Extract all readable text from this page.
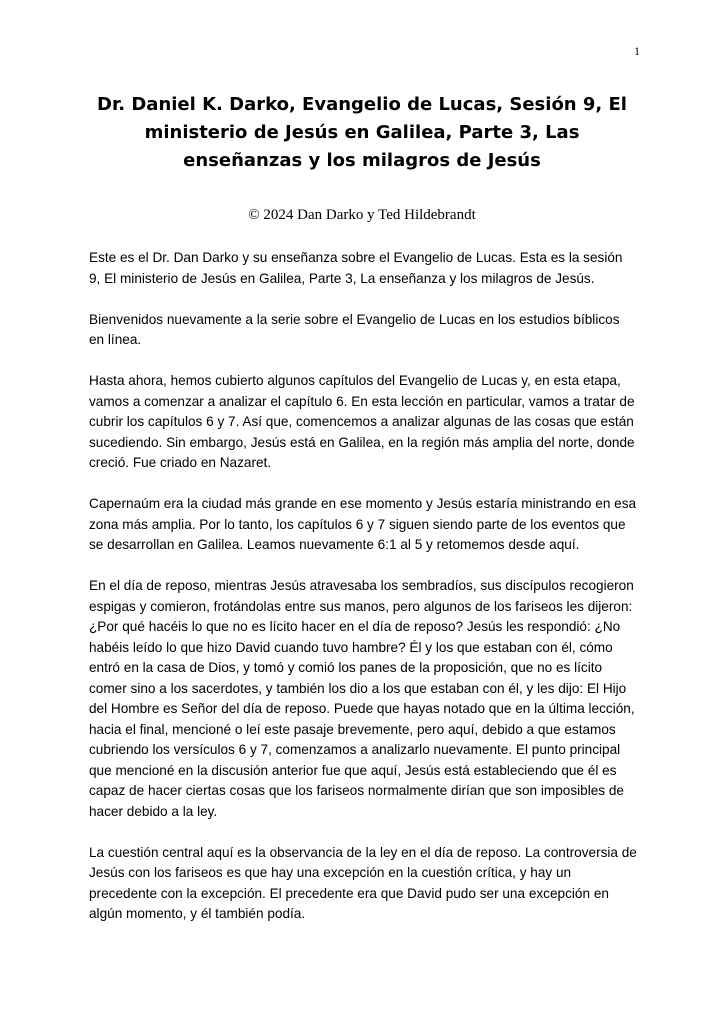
1
Dr. Daniel K. Darko, Evangelio de Lucas, Sesión 9, El ministerio de Jesús en Galilea, Parte 3, Las enseñanzas y los milagros de Jesús
© 2024 Dan Darko y Ted Hildebrandt

Este es el Dr. Dan Darko y su enseñanza sobre el Evangelio de Lucas. Esta es la sesión 9, El ministerio de Jesús en Galilea, Parte 3, La enseñanza y los milagros de Jesús.

Bienvenidos nuevamente a la serie sobre el Evangelio de Lucas en los estudios bíblicos en línea.

Hasta ahora, hemos cubierto algunos capítulos del Evangelio de Lucas y, en esta etapa, vamos a comenzar a analizar el capítulo 6. En esta lección en particular, vamos a tratar de cubrir los capítulos 6 y 7. Así que, comencemos a analizar algunas de las cosas que están sucediendo. Sin embargo, Jesús está en Galilea, en la región más amplia del norte, donde creció. Fue criado en Nazaret.

Capernaúm era la ciudad más grande en ese momento y Jesús estaría ministrando en esa zona más amplia. Por lo tanto, los capítulos 6 y 7 siguen siendo parte de los eventos que se desarrollan en Galilea. Leamos nuevamente 6:1 al 5 y retomemos desde aquí.

En el día de reposo, mientras Jesús atravesaba los sembradíos, sus discípulos recogieron espigas y comieron, frotándolas entre sus manos, pero algunos de los fariseos les dijeron: ¿Por qué hacéis lo que no es lícito hacer en el día de reposo? Jesús les respondió: ¿No habéis leído lo que hizo David cuando tuvo hambre? Él y los que estaban con él, cómo entró en la casa de Dios, y tomó y comió los panes de la proposición, que no es lícito comer sino a los sacerdotes, y también los dio a los que estaban con él, y les dijo: El Hijo del Hombre es Señor del día de reposo. Puede que hayas notado que en la última lección, hacia el final, mencioné o leí este pasaje brevemente, pero aquí, debido a que estamos cubriendo los versículos 6 y 7, comenzamos a analizarlo nuevamente. El punto principal que mencioné en la discusión anterior fue que aquí, Jesús está estableciendo que él es capaz de hacer ciertas cosas que los fariseos normalmente dirían que son imposibles de hacer debido a la ley.

La cuestión central aquí es la observancia de la ley en el día de reposo. La controversia de Jesús con los fariseos es que hay una excepción en la cuestión crítica, y hay un precedente con la excepción. El precedente era que David pudo ser una excepción en algún momento, y él también podía.
